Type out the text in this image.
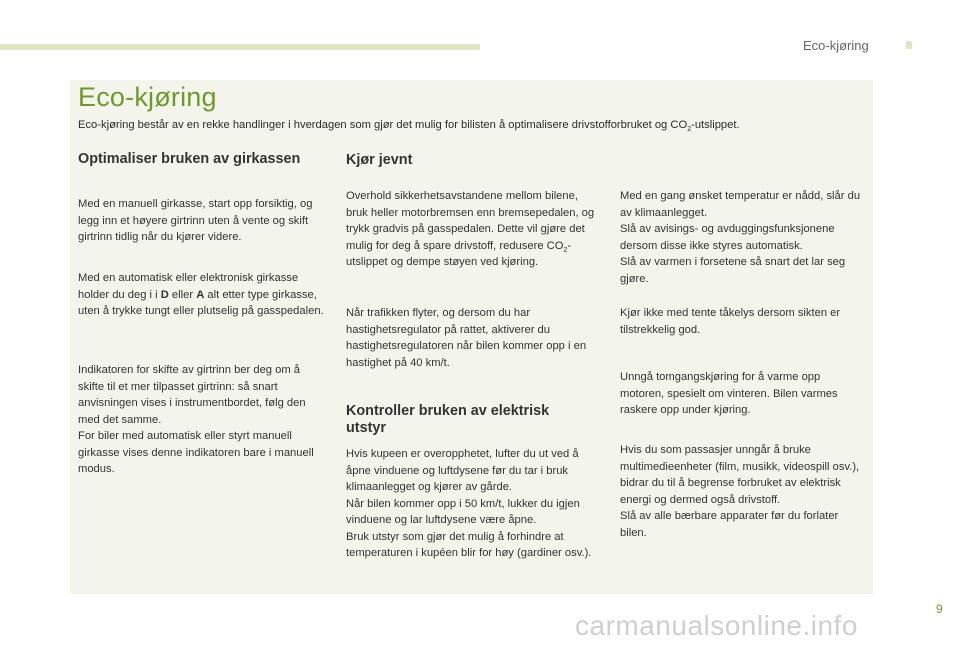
Eco-kjøring
Eco-kjøring
Eco-kjøring består av en rekke handlinger i hverdagen som gjør det mulig for bilisten å optimalisere drivstofforbruket og $CO_2$-utslippet.
Optimaliser bruken av girkassen
Med en manuell girkasse, start opp forsiktig, og legg inn et høyere girtrinn uten å vente og skift girtrinn tidlig når du kjører videre.
Med en automatisk eller elektronisk girkasse holder du deg i i D eller A alt etter type girkasse, uten å trykke tungt eller plutselig på gasspedalen.
Indikatoren for skifte av girtrinn ber deg om å skifte til et mer tilpasset girtrinn: så snart anvisningen vises i instrumentbordet, følg den med det samme.
For biler med automatisk eller styrt manuell girkasse vises denne indikatoren bare i manuell modus.
Kjør jevnt
Overhold sikkerhetsavstandene mellom bilene, bruk heller motorbremsen enn bremsepedalen, og trykk gradvis på gasspedalen. Dette vil gjøre det mulig for deg å spare drivstoff, redusere $CO_2$-utslippet og dempe støyen ved kjøring.
Når trafikken flyter, og dersom du har hastighetsregulator på rattet, aktiverer du hastighetsregulatoren når bilen kommer opp i en hastighet på 40 km/t.
Kontroller bruken av elektrisk utstyr
Hvis kupeen er overopphetet, lufter du ut ved å åpne vinduene og luftdysene før du tar i bruk klimaanlegget og kjører av gårde.
Når bilen kommer opp i 50 km/t, lukker du igjen vinduene og lar luftdysene være åpne.
Bruk utstyr som gjør det mulig å forhindre at temperaturen i kupéen blir for høy (gardiner osv.).
Med en gang ønsket temperatur er nådd, slår du av klimaanlegget.
Slå av avisings- og avduggingsfunksjonene dersom disse ikke styres automatisk.
Slå av varmen i forsetene så snart det lar seg gjøre.
Kjør ikke med tente tåkelys dersom sikten er tilstrekkelig god.
Unngå tomgangskjøring for å varme opp motoren, spesielt om vinteren. Bilen varmes raskere opp under kjøring.
Hvis du som passasjer unngår å bruke multimedieenheter (film, musikk, videospill osv.), bidrar du til å begrense forbruket av elektrisk energi og dermed også drivstoff.
Slå av alle bærbare apparater før du forlater bilen.
9
carmanualsonline.info
